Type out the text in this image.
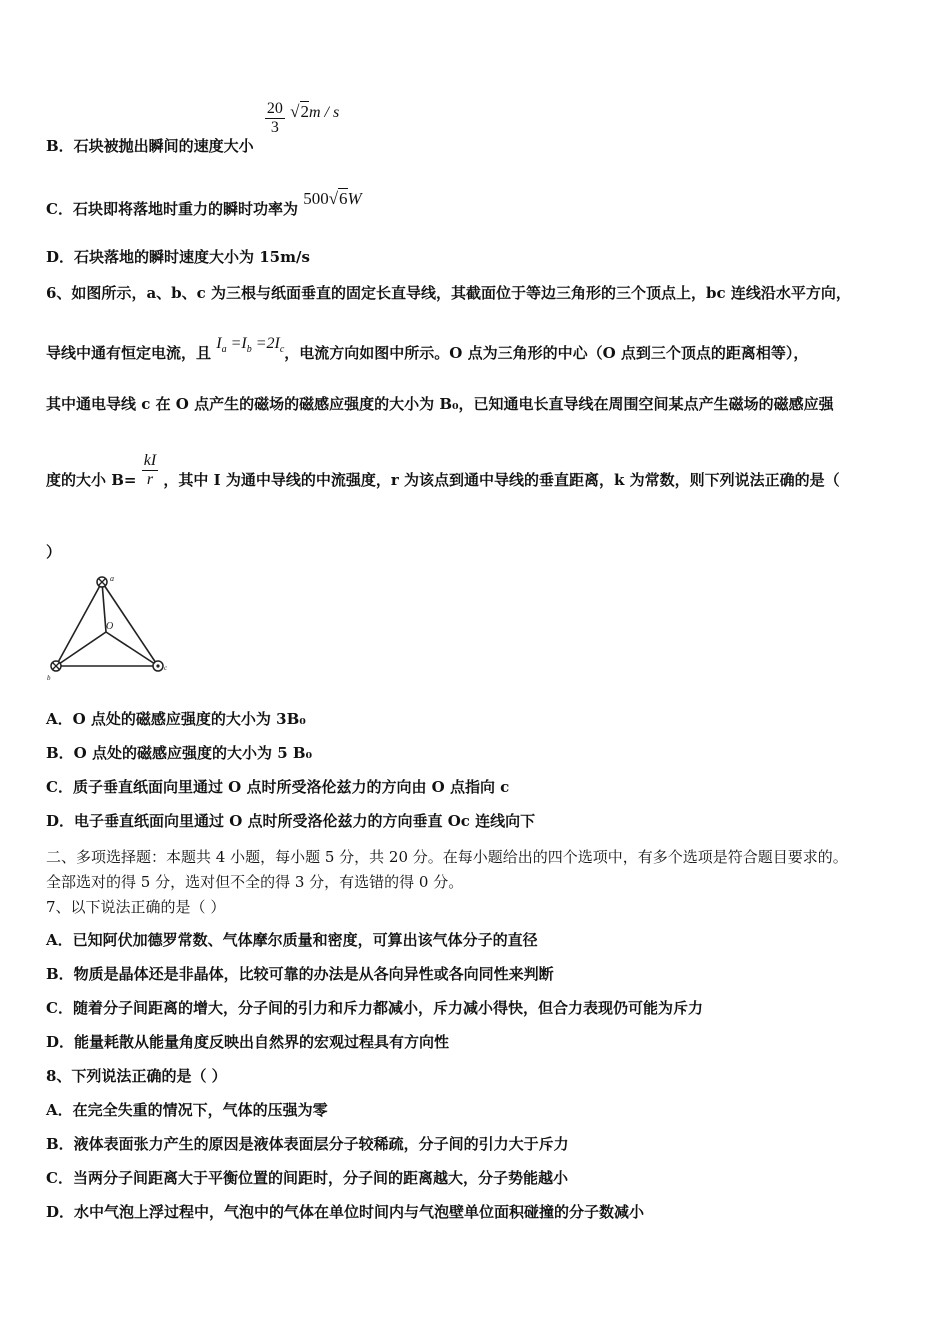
B．石块被抛出瞬间的速度大小
$\frac{20}{3} √2m$ / s
C．石块即将落地时重力的瞬时功率为 500√6W
D．石块落地的瞬时速度大小为 15m/s
6、如图所示，a、b、c 为三根与纸面垂直的固定长直导线，其截面位于等边三角形的三个顶点上，bc 连线沿水平方向，
导线中通有恒定电流，且 $I_a =I_b =2I_c$，电流方向如图中所示。O 点为三角形的中心（O 点到三个顶点的距离相等），
其中通电导线 c 在 O 点产生的磁场的磁感应强度的大小为 B₀，已知通电长直导线在周围空间某点产生磁场的磁感应强
度的大小 $B= \frac{kI}{r}$ ，其中 I 为通中导线的中流强度，r 为该点到通中导线的垂直距离，k 为常数，则下列说法正确的是（
）
a
O
b
c
A．O 点处的磁感应强度的大小为 3B₀
B．O 点处的磁感应强度的大小为 5 B₀
C．质子垂直纸面向里通过 O 点时所受洛伦兹力的方向由 O 点指向 c
D．电子垂直纸面向里通过 O 点时所受洛伦兹力的方向垂直 Oc 连线向下
二、多项选择题：本题共 4 小题，每小题 5 分，共 20 分。在每小题给出的四个选项中，有多个选项是符合题目要求的。
全部选对的得 5 分，选对但不全的得 3 分，有选错的得 0 分。
7、以下说法正确的是（ ）
A．已知阿伏加德罗常数、气体摩尔质量和密度，可算出该气体分子的直径
B．物质是晶体还是非晶体，比较可靠的办法是从各向异性或各向同性来判断
C．随着分子间距离的增大，分子间的引力和斥力都减小，斥力减小得快，但合力表现仍可能为斥力
D．能量耗散从能量角度反映出自然界的宏观过程具有方向性
8、下列说法正确的是（ ）
A．在完全失重的情况下，气体的压强为零
B．液体表面张力产生的原因是液体表面层分子较稀疏，分子间的引力大于斥力
C．当两分子间距离大于平衡位置的间距时，分子间的距离越大，分子势能越小
D．水中气泡上浮过程中，气泡中的气体在单位时间内与气泡壁单位面积碰撞的分子数减小
